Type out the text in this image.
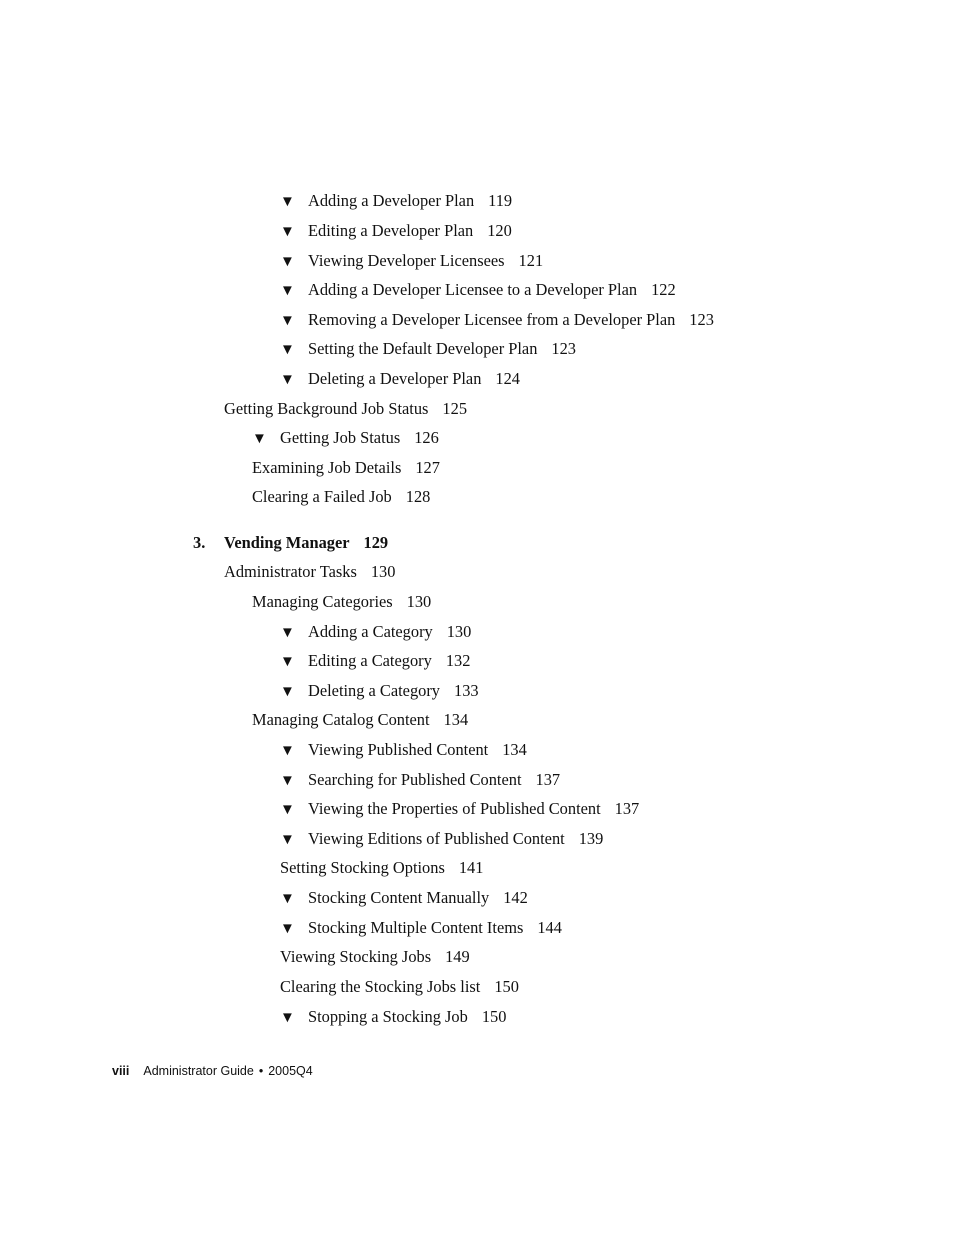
▼ Adding a Developer Plan 119
▼ Editing a Developer Plan 120
▼ Viewing Developer Licensees 121
▼ Adding a Developer Licensee to a Developer Plan 122
▼ Removing a Developer Licensee from a Developer Plan 123
▼ Setting the Default Developer Plan 123
▼ Deleting a Developer Plan 124
Getting Background Job Status 125
▼ Getting Job Status 126
Examining Job Details 127
Clearing a Failed Job 128
3. Vending Manager 129
Administrator Tasks 130
Managing Categories 130
▼ Adding a Category 130
▼ Editing a Category 132
▼ Deleting a Category 133
Managing Catalog Content 134
▼ Viewing Published Content 134
▼ Searching for Published Content 137
▼ Viewing the Properties of Published Content 137
▼ Viewing Editions of Published Content 139
Setting Stocking Options 141
▼ Stocking Content Manually 142
▼ Stocking Multiple Content Items 144
Viewing Stocking Jobs 149
Clearing the Stocking Jobs list 150
▼ Stopping a Stocking Job 150
viii Administrator Guide • 2005Q4
